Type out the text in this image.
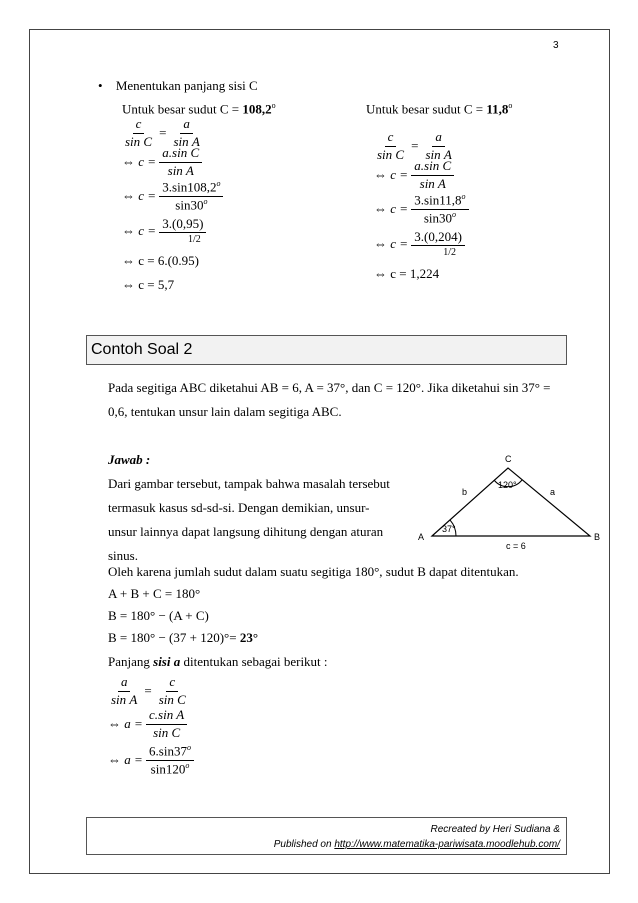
3
• Menentukan panjang sisi C
Untuk besar sudut $C = 108,2^o$
$\frac{c}{\text{sin C}} = \frac{a}{\text{sin A}}$
⇔
c =
$\frac{\text{a.sin C}}{\text{sin A}}$
⇔
c =
$\frac{3.\sin 108,2^o}{\sin 30^o}$
⇔
c =
$\frac{3.(0,95)}{1/2}$
⇔
c = 6.(0.95)
⇔
c = 5,7
Untuk besar sudut $C = 11,8^o$
$\frac{c}{\text{sin C}} = \frac{a}{\text{sin A}}$
⇔
c =
$\frac{\text{a.sin C}}{\text{sin A}}$
⇔
c =
$\frac{3.\sin 11,8^o}{\sin 30^o}$
⇔
c =
$\frac{3.(0,204)}{1/2}$
⇔
c = 1,224
Contoh Soal 2
Pada segitiga ABC diketahui AB = 6, A = 37°, dan C = 120°. Jika diketahui sin 37° =
0,6, tentukan unsur lain dalam segitiga ABC.
Jawab :
Dari gambar tersebut, tampak bahwa masalah tersebut
termasuk kasus sd-sd-si. Dengan demikian, unsur-
unsur lainnya dapat langsung dihitung dengan aturan
sinus.
A	B
C
b	a
c = 6
37°
120°
Oleh karena jumlah sudut dalam suatu segitiga 180°, sudut B dapat ditentukan.
A + B + C = 180°
B = 180° − (A + C)
B = 180° − (37 + 120)°= 23°
Panjang sisi a ditentukan sebagai berikut :
$\frac{a}{\text{sin A}} = \frac{c}{\text{sin C}}$
⇔
a =
$\frac{\text{c.sin A}}{\text{sin C}}$
⇔
a =
$\frac{6.\sin 37^o}{\sin 120^o}$
Recreated by Heri Sudiana &
Published on http://www.matematika-pariwisata.moodlehub.com/
